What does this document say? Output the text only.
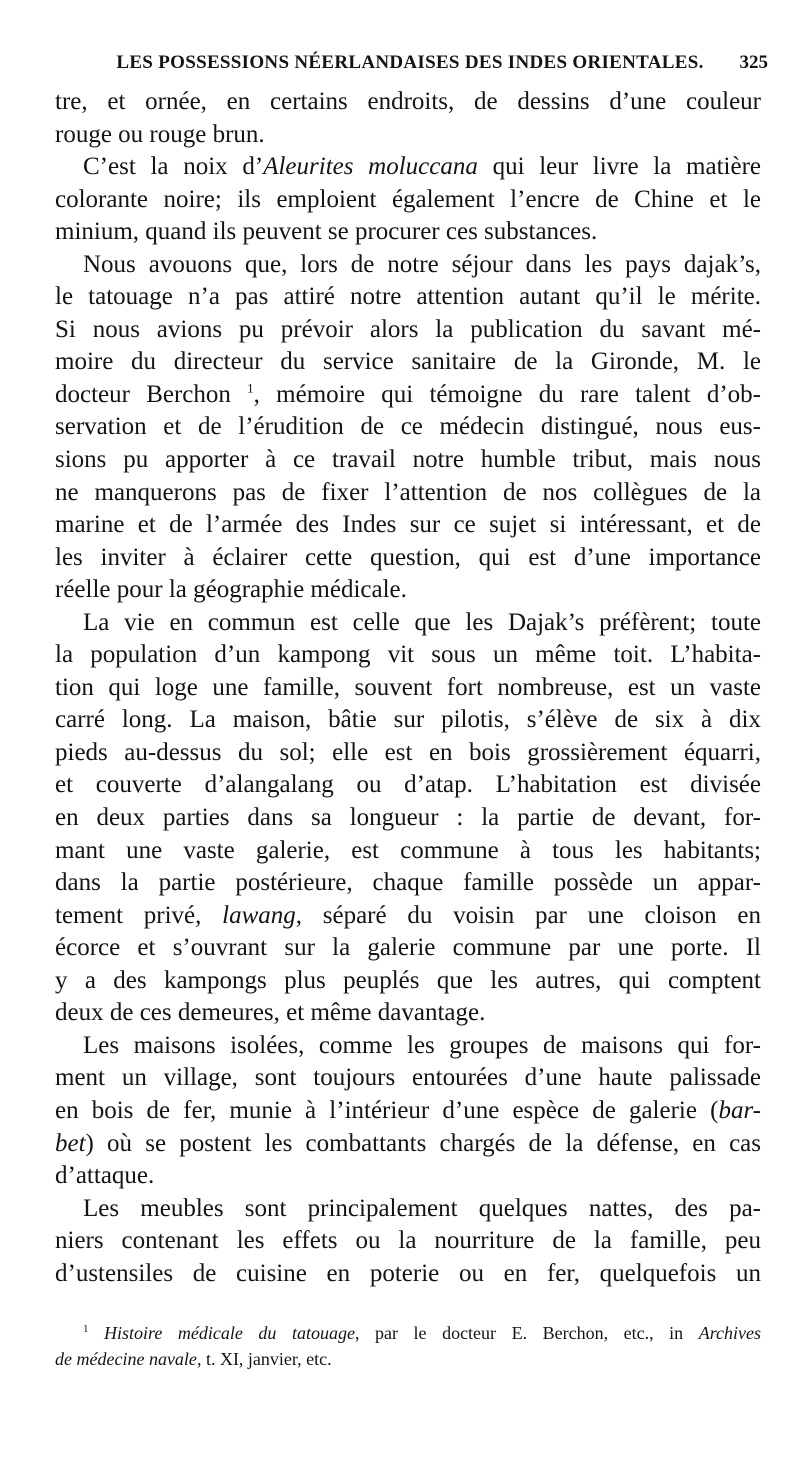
LES POSSESSIONS NÉERLANDAISES DES INDES ORIENTALES.	325
tre, et ornée, en certains endroits, de dessins d’une couleur
rouge ou rouge brun.
C’est la noix d’Aleurites moluccana qui leur livre la matière
colorante noire; ils emploient également l’encre de Chine et le
minium, quand ils peuvent se procurer ces substances.
Nous avouons que, lors de notre séjour dans les pays dajak’s,
le tatouage n’a pas attiré notre attention autant qu’il le mérite.
Si nous avions pu prévoir alors la publication du savant mé-
moire du directeur du service sanitaire de la Gironde, M. le
docteur Berchon $^1$, mémoire qui témoigne du rare talent d’ob-
servation et de l’érudition de ce médecin distingué, nous eus-
sions pu apporter à ce travail notre humble tribut, mais nous
ne manquerons pas de fixer l’attention de nos collègues de la
marine et de l’armée des Indes sur ce sujet si intéressant, et de
les inviter à éclairer cette question, qui est d’une importance
réelle pour la géographie médicale.
La vie en commun est celle que les Dajak’s préfèrent; toute
la population d’un kampong vit sous un même toit. L’habita-
tion qui loge une famille, souvent fort nombreuse, est un vaste
carré long. La maison, bâtie sur pilotis, s’élève de six à dix
pieds au-dessus du sol; elle est en bois grossièrement équarri,
et couverte d’alangalang ou d’atap. L’habitation est divisée
en deux parties dans sa longueur : la partie de devant, for-
mant une vaste galerie, est commune à tous les habitants;
dans la partie postérieure, chaque famille possède un appar-
tement privé, lawang, séparé du voisin par une cloison en
écorce et s’ouvrant sur la galerie commune par une porte. Il
y a des kampongs plus peuplés que les autres, qui comptent
deux de ces demeures, et même davantage.
Les maisons isolées, comme les groupes de maisons qui for-
ment un village, sont toujours entourées d’une haute palissade
en bois de fer, munie à l’intérieur d’une espèce de galerie (bar-
bet) où se postent les combattants chargés de la défense, en cas
d’attaque.
Les meubles sont principalement quelques nattes, des pa-
niers contenant les effets ou la nourriture de la famille, peu
d’ustensiles de cuisine en poterie ou en fer, quelquefois un
$^1$ Histoire médicale du tatouage, par le docteur E. Berchon, etc., in Archives
de médecine navale, t. XI, janvier, etc.
